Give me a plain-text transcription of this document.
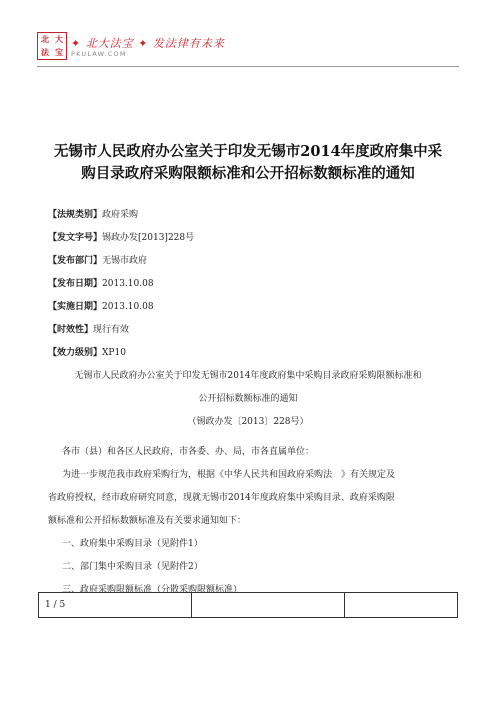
北 大
法 宝
✦ 北大法宝 ✦ 发法律有未来
PKULAW.COM
无锡市人民政府办公室关于印发无锡市2014年度政府集中采
购目录政府采购限额标准和公开招标数额标准的通知
【法规类别】政府采购
【发文字号】锡政办发[2013]228号
【发布部门】无锡市政府
【发布日期】2013.10.08
【实施日期】2013.10.08
【时效性】现行有效
【效力级别】XP10
无锡市人民政府办公室关于印发无锡市2014年度政府集中采购目录政府采购限额标准和
公开招标数额标准的通知
（锡政办发〔2013〕228号）
各市（县）和各区人民政府，市各委、办、局，市各直属单位：
为进一步规范我市政府采购行为，根据《中华人民共和国政府采购法　》有关规定及
省政府授权，经市政府研究同意，现就无锡市2014年度政府集中采购目录、政府采购限
额标准和公开招标数额标准及有关要求通知如下：
一、政府集中采购目录（见附件1）
二、部门集中采购目录（见附件2）
三、政府采购限额标准（分散采购限额标准）
1 / 5		
